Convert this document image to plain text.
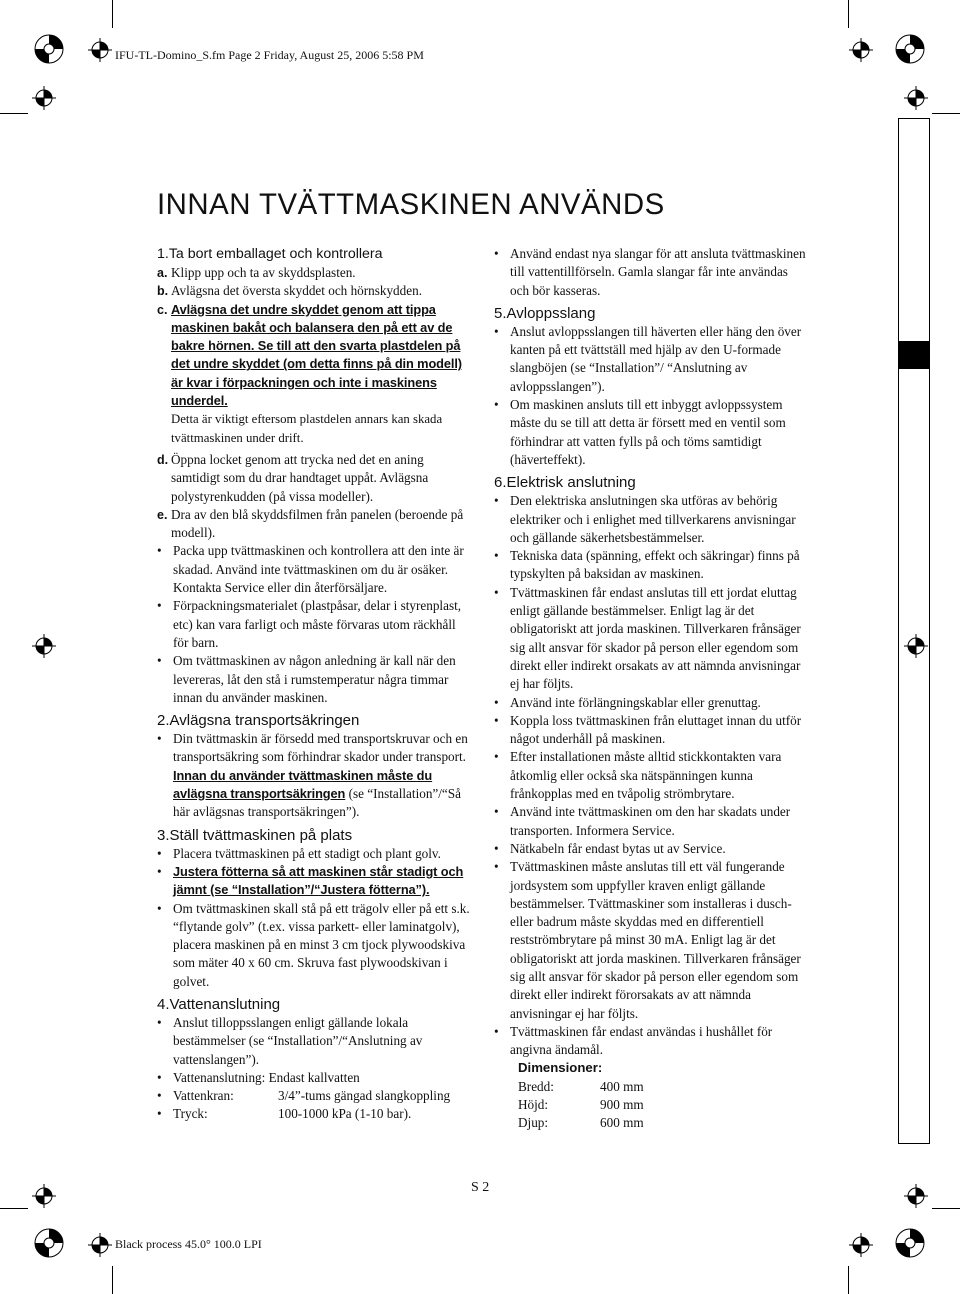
IFU-TL-Domino_S.fm Page 2 Friday, August 25, 2006 5:58 PM
Black process 45.0° 100.0 LPI
INNAN TVÄTTMASKINEN ANVÄNDS
1.Ta bort emballaget och kontrollera
a. Klipp upp och ta av skyddsplasten.
b. Avlägsna det översta skyddet och hörnskydden.
c. Avlägsna det undre skyddet genom att tippa maskinen bakåt och balansera den på ett av de bakre hörnen. Se till att den svarta plastdelen på det undre skyddet (om detta finns på din modell) är kvar i förpackningen och inte i maskinens underdel.

Detta är viktigt eftersom plastdelen annars kan skada tvättmaskinen under drift.

d. Öppna locket genom att trycka ned det en aning samtidigt som du drar handtaget uppåt. Avlägsna polystyrenkudden (på vissa modeller).
e. Dra av den blå skyddsfilmen från panelen (beroende på modell).
• Packa upp tvättmaskinen och kontrollera att den inte är skadad. Använd inte tvättmaskinen om du är osäker. Kontakta Service eller din återförsäljare.
• Förpackningsmaterialet (plastpåsar, delar i styrenplast, etc) kan vara farligt och måste förvaras utom räckhåll för barn.
• Om tvättmaskinen av någon anledning är kall när den levereras, låt den stå i rumstemperatur några timmar innan du använder maskinen.
2.Avlägsna transportsäkringen
• Din tvättmaskin är försedd med transportskruvar och en transportsäkring som förhindrar skador under transport. Innan du använder tvättmaskinen måste du avlägsna transportsäkringen (se “Installation”/“Så här avlägsnas transportsäkringen”).
3.Ställ tvättmaskinen på plats
• Placera tvättmaskinen på ett stadigt och plant golv.
• Justera fötterna så att maskinen står stadigt och jämnt (se “Installation”/“Justera fötterna”).
• Om tvättmaskinen skall stå på ett trägolv eller på ett s.k. “flytande golv” (t.ex. vissa parkett- eller laminatgolv), placera maskinen på en minst 3 cm tjock plywoodskiva som mäter 40 x 60 cm. Skruva fast plywoodskivan i golvet.
4.Vattenanslutning
• Anslut tilloppsslangen enligt gällande lokala bestämmelser (se “Installation”/“Anslutning av vattenslangen”).
• Vattenanslutning: Endast kallvatten
• Vattenkran:	3/4”-tums gängad slangkoppling
• Tryck:	100-1000 kPa (1-10 bar).
• Använd endast nya slangar för att ansluta tvättmaskinen till vattentillförseln. Gamla slangar får inte användas och bör kasseras.
5.Avloppsslang
• Anslut avloppsslangen till häverten eller häng den över kanten på ett tvättställ med hjälp av den U-formade slangböjen (se “Installation”/ “Anslutning av avloppsslangen”).
• Om maskinen ansluts till ett inbyggt avloppssystem måste du se till att detta är försett med en ventil som förhindrar att vatten fylls på och töms samtidigt (häverteffekt).
6.Elektrisk anslutning
• Den elektriska anslutningen ska utföras av behörig elektriker och i enlighet med tillverkarens anvisningar och gällande säkerhetsbestämmelser.
• Tekniska data (spänning, effekt och säkringar) finns på typskylten på baksidan av maskinen.
• Tvättmaskinen får endast anslutas till ett jordat eluttag enligt gällande bestämmelser. Enligt lag är det obligatoriskt att jorda maskinen. Tillverkaren frånsäger sig allt ansvar för skador på person eller egendom som direkt eller indirekt orsakats av att nämnda anvisningar ej har följts.
• Använd inte förlängningskablar eller grenuttag.
• Koppla loss tvättmaskinen från eluttaget innan du utför något underhåll på maskinen.
• Efter installationen måste alltid stickkontakten vara åtkomlig eller också ska nätspänningen kunna frånkopplas med en tvåpolig strömbrytare.
• Använd inte tvättmaskinen om den har skadats under transporten. Informera Service.
• Nätkabeln får endast bytas ut av Service.
• Tvättmaskinen måste anslutas till ett väl fungerande jordsystem som uppfyller kraven enligt gällande bestämmelser. Tvättmaskiner som installeras i dusch- eller badrum måste skyddas med en differentiell restströmbrytare på minst 30 mA. Enligt lag är det obligatoriskt att jorda maskinen. Tillverkaren frånsäger sig allt ansvar för skador på person eller egendom som direkt eller indirekt förorsakats av att nämnda anvisningar ej har följts.
• Tvättmaskinen får endast användas i hushållet för angivna ändamål.
Dimensioner:
Bredd:	400 mm
Höjd:	900 mm
Djup:	600 mm
S 2
